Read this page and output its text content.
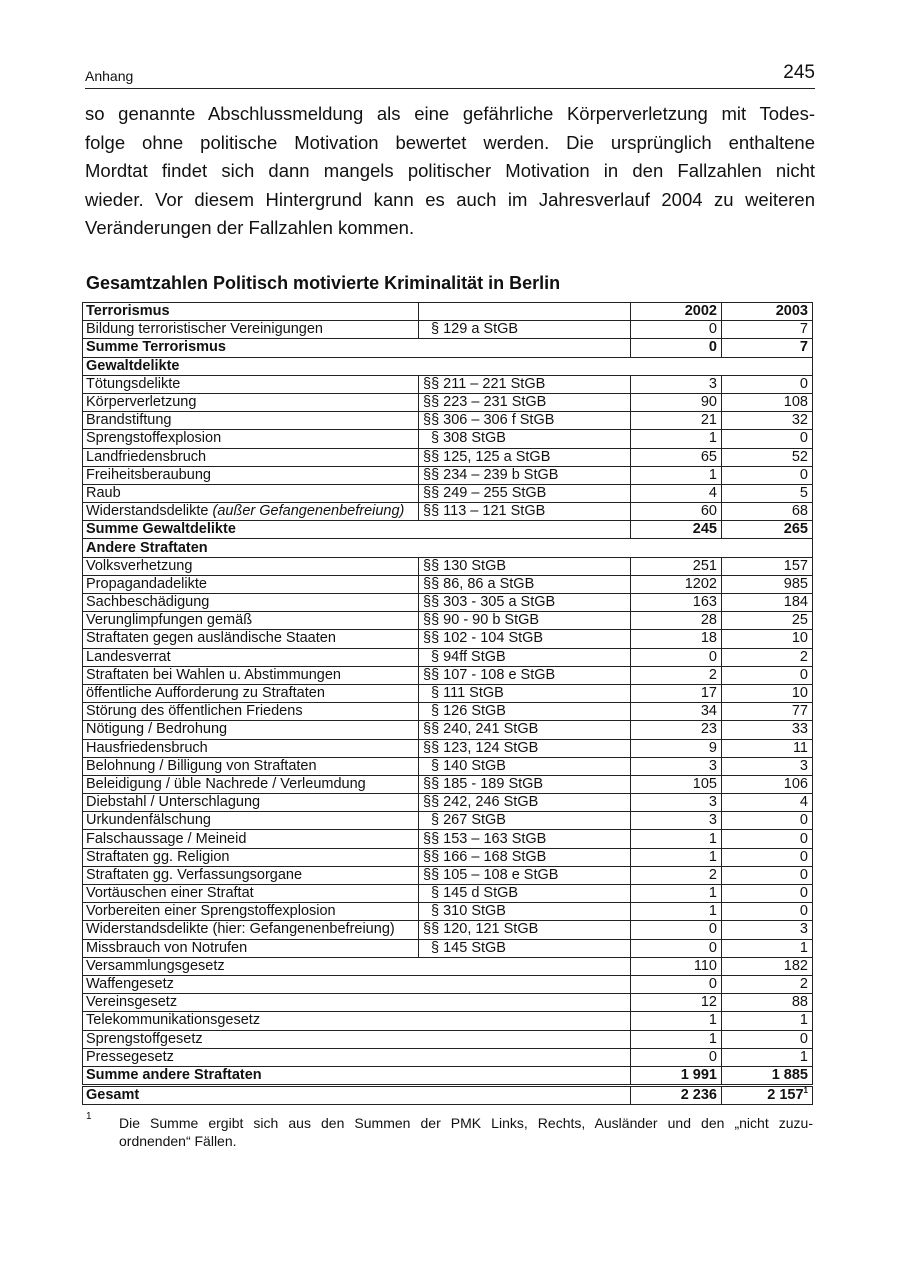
Anhang	245
so genannte Abschlussmeldung als eine gefährliche Körperverletzung mit Todes-
folge ohne politische Motivation bewertet werden. Die ursprünglich enthaltene
Mordtat findet sich dann mangels politischer Motivation in den Fallzahlen nicht
wieder. Vor diesem Hintergrund kann es auch im Jahresverlauf 2004 zu weiteren
Veränderungen der Fallzahlen kommen.
Gesamtzahlen Politisch motivierte Kriminalität in Berlin
Terrorismus		2002	2003
Bildung terroristischer Vereinigungen	§ 129 a StGB	0	7
Summe Terrorismus		0	7
Gewaltdelikte			
Tötungsdelikte	§§ 211 – 221 StGB	3	0
Körperverletzung	§§ 223 – 231 StGB	90	108
Brandstiftung	§§ 306 – 306 f StGB	21	32
Sprengstoffexplosion	§ 308 StGB	1	0
Landfriedensbruch	§§ 125, 125 a StGB	65	52
Freiheitsberaubung	§§ 234 – 239 b StGB	1	0
Raub	§§ 249 – 255 StGB	4	5
Widerstandsdelikte (außer Gefangenenbefreiung)	§§ 113 – 121 StGB	60	68
Summe Gewaltdelikte		245	265
Andere Straftaten			
Volksverhetzung	§§ 130 StGB	251	157
Propagandadelikte	§§ 86, 86 a StGB	1202	985
Sachbeschädigung	§§ 303 - 305 a StGB	163	184
Verunglimpfungen gemäß	§§ 90 - 90 b StGB	28	25
Straftaten gegen ausländische Staaten	§§ 102 - 104 StGB	18	10
Landesverrat	§ 94ff StGB	0	2
Straftaten bei Wahlen u. Abstimmungen	§§ 107 - 108 e StGB	2	0
öffentliche Aufforderung zu Straftaten	§ 111 StGB	17	10
Störung des öffentlichen Friedens	§ 126 StGB	34	77
Nötigung / Bedrohung	§§ 240, 241 StGB	23	33
Hausfriedensbruch	§§ 123, 124 StGB	9	11
Belohnung / Billigung von Straftaten	§ 140 StGB	3	3
Beleidigung / üble Nachrede / Verleumdung	§§ 185 - 189 StGB	105	106
Diebstahl / Unterschlagung	§§ 242, 246 StGB	3	4
Urkundenfälschung	§ 267 StGB	3	0
Falschaussage / Meineid	§§ 153 – 163 StGB	1	0
Straftaten gg. Religion	§§ 166 – 168 StGB	1	0
Straftaten gg. Verfassungsorgane	§§ 105 – 108 e StGB	2	0
Vortäuschen einer Straftat	§ 145 d StGB	1	0
Vorbereiten einer Sprengstoffexplosion	§ 310 StGB	1	0
Widerstandsdelikte (hier: Gefangenenbefreiung)	§§ 120, 121 StGB	0	3
Missbrauch von Notrufen	§ 145 StGB	0	1
Versammlungsgesetz		110	182
Waffengesetz		0	2
Vereinsgesetz		12	88
Telekommunikationsgesetz		1	1
Sprengstoffgesetz		1	0
Pressegesetz		0	1
Summe andere Straftaten		1 991	1 885
Gesamt		2 236	2 157$^1$
1 Die Summe ergibt sich aus den Summen der PMK Links, Rechts, Ausländer und den „nicht zuzu-
ordnenden“ Fällen.
